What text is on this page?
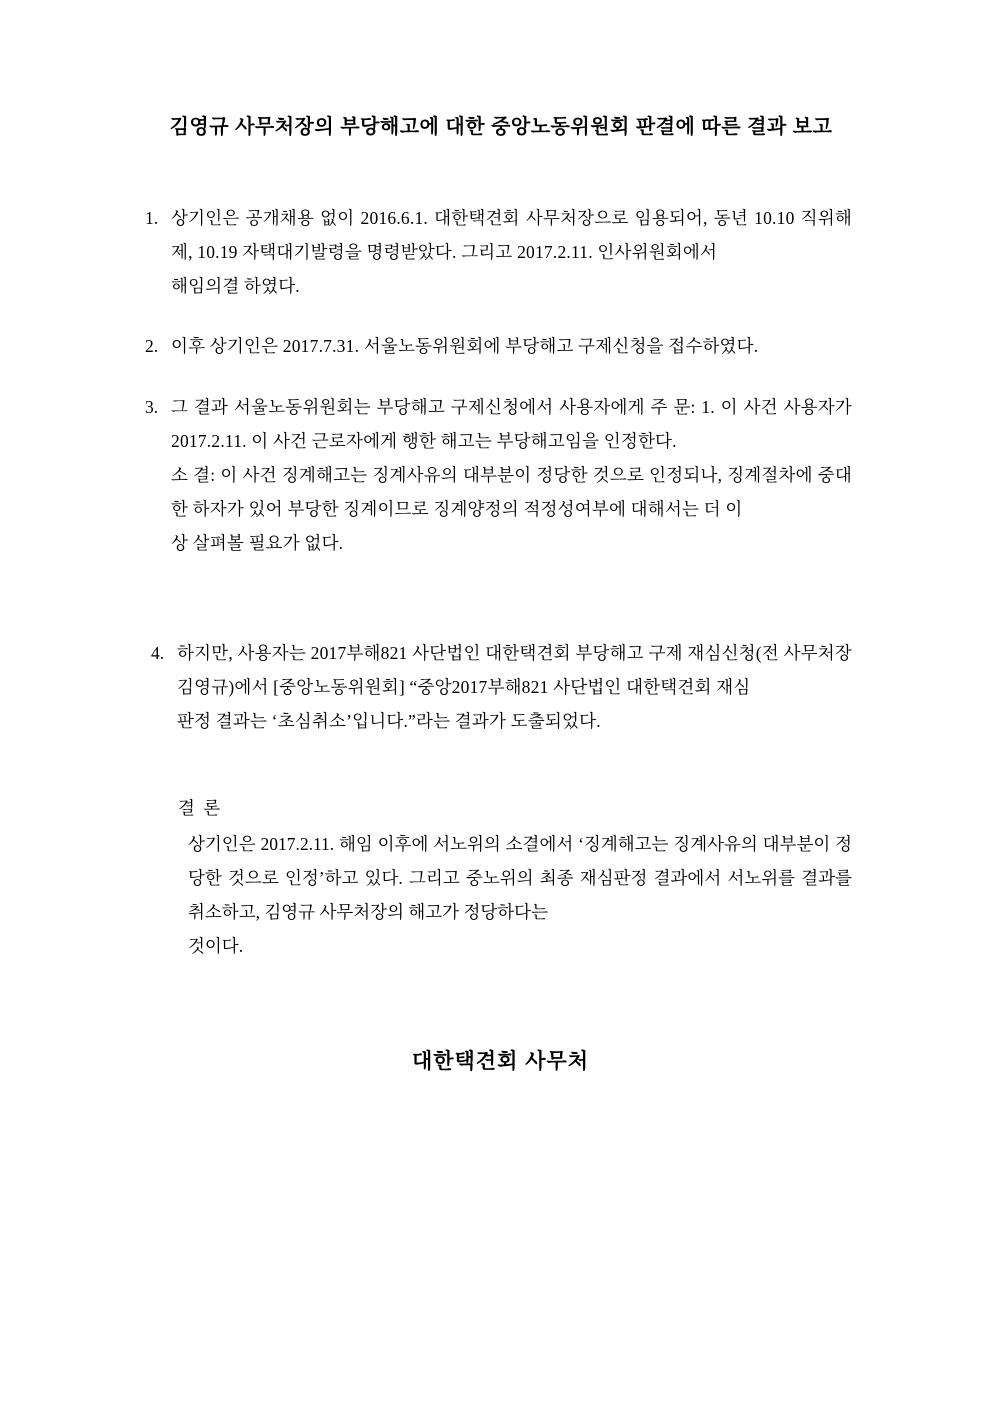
김영규 사무처장의 부당해고에 대한 중앙노동위원회 판결에 따른 결과 보고
1. 상기인은 공개채용 없이 2016.6.1. 대한택견회 사무처장으로 임용되어, 동년 10.10 직위해제, 10.19 자택대기발령을 명령받았다. 그리고 2017.2.11. 인사위원회에서

해임의결 하였다.

2. 이후 상기인은 2017.7.31. 서울노동위원회에 부당해고 구제신청을 접수하였다.

3. 그 결과 서울노동위원회는 부당해고 구제신청에서 사용자에게 주 문: 1. 이 사건 사용자가 2017.2.11. 이 사건 근로자에게 행한 해고는 부당해고임을 인정한다.

소 결: 이 사건 징계해고는 징계사유의 대부분이 정당한 것으로 인정되나, 징계절차에 중대한 하자가 있어 부당한 징계이므로 징계양정의 적정성여부에 대해서는 더 이

상 살펴볼 필요가 없다.

4. 하지만, 사용자는 2017부해821 사단법인 대한택견회 부당해고 구제 재심신청(전 사무처장 김영규)에서 [중앙노동위원회] “중앙2017부해821 사단법인 대한택견회 재심

판정 결과는 ‘초심취소’입니다.”라는 결과가 도출되었다.

결 론

상기인은 2017.2.11. 해임 이후에 서노위의 소결에서 ‘징계해고는 징계사유의 대부분이 정당한 것으로 인정’하고 있다. 그리고 중노위의 최종 재심판정 결과에서 서노위를 결과를 취소하고, 김영규 사무처장의 해고가 정당하다는

것이다.

대한택견회 사무처
